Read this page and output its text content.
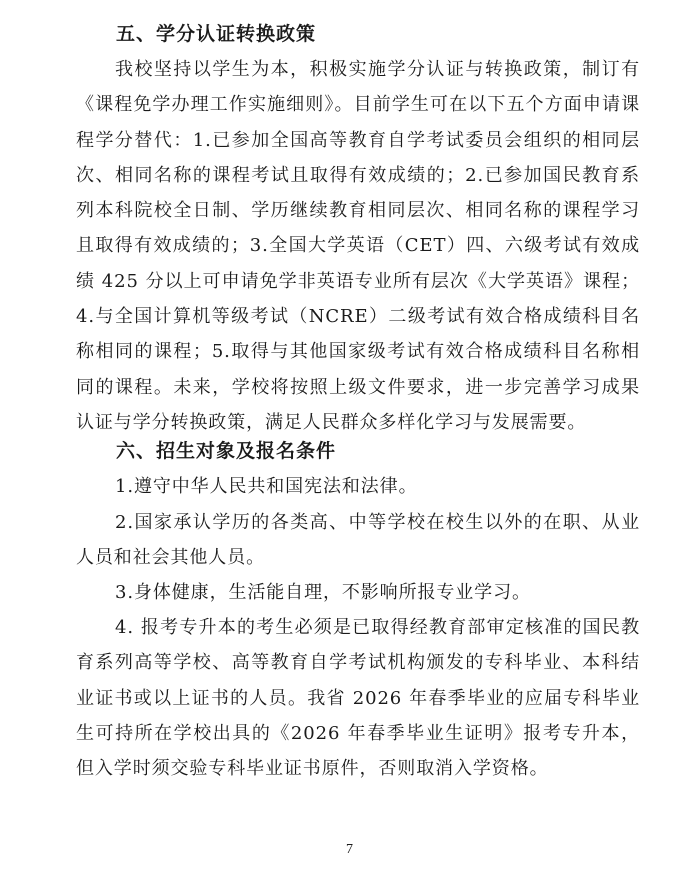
五、学分认证转换政策

我校坚持以学生为本，积极实施学分认证与转换政策，制订有《课程免学办理工作实施细则》。目前学生可在以下五个方面申请课程学分替代：1.已参加全国高等教育自学考试委员会组织的相同层次、相同名称的课程考试且取得有效成绩的；2.已参加国民教育系列本科院校全日制、学历继续教育相同层次、相同名称的课程学习且取得有效成绩的；3.全国大学英语（CET）四、六级考试有效成绩 425 分以上可申请免学非英语专业所有层次《大学英语》课程；4.与全国计算机等级考试（NCRE）二级考试有效合格成绩科目名称相同的课程；5.取得与其他国家级考试有效合格成绩科目名称相同的课程。未来，学校将按照上级文件要求，进一步完善学习成果认证与学分转换政策，满足人民群众多样化学习与发展需要。

六、招生对象及报名条件

1.遵守中华人民共和国宪法和法律。

2.国家承认学历的各类高、中等学校在校生以外的在职、从业人员和社会其他人员。

3.身体健康，生活能自理，不影响所报专业学习。

4. 报考专升本的考生必须是已取得经教育部审定核准的国民教育系列高等学校、高等教育自学考试机构颁发的专科毕业、本科结业证书或以上证书的人员。我省 2026 年春季毕业的应届专科毕业生可持所在学校出具的《2026 年春季毕业生证明》报考专升本，但入学时须交验专科毕业证书原件，否则取消入学资格。

7
